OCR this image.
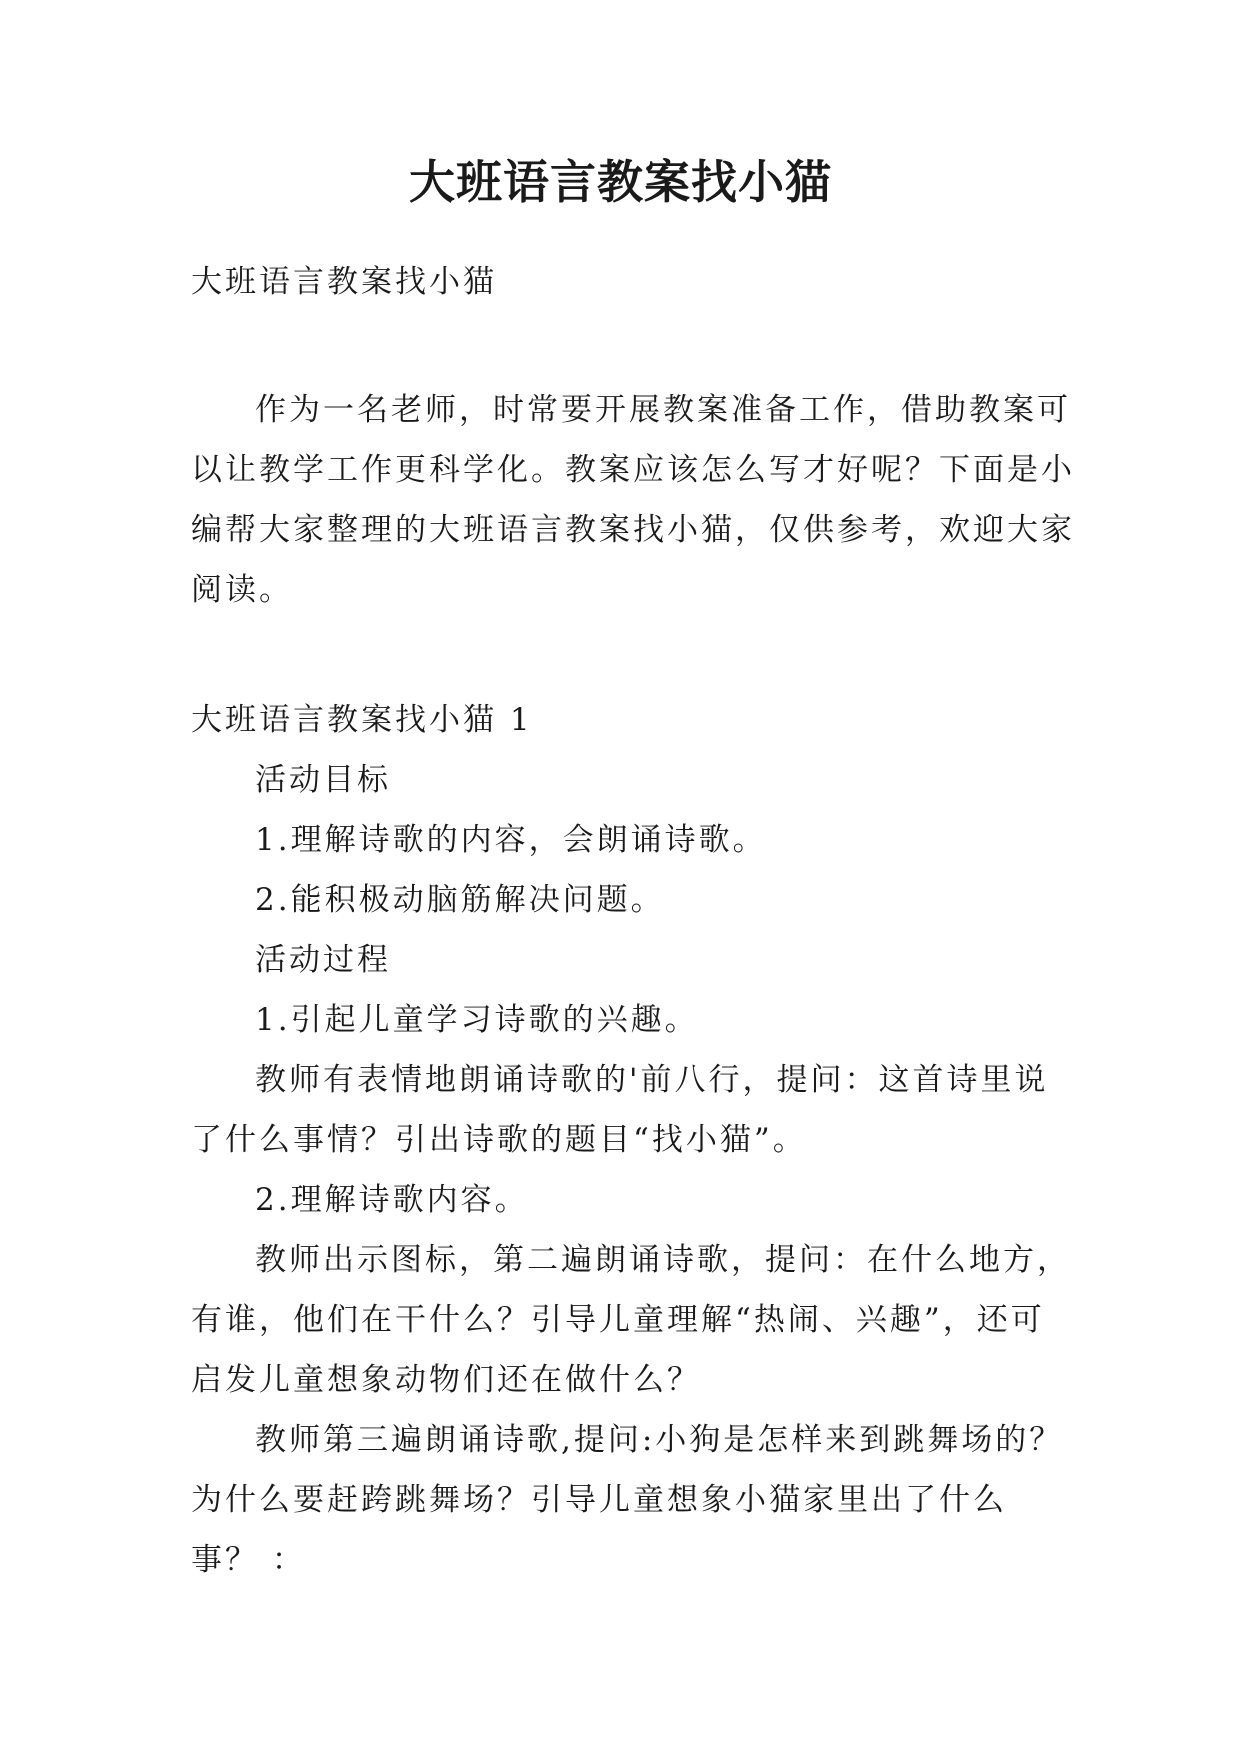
大班语言教案找小猫

大班语言教案找小猫

作为一名老师，时常要开展教案准备工作，借助教案可

以让教学工作更科学化。教案应该怎么写才好呢？下面是小

编帮大家整理的大班语言教案找小猫，仅供参考，欢迎大家

阅读。

大班语言教案找小猫 1

活动目标

1.理解诗歌的内容，会朗诵诗歌。

2.能积极动脑筋解决问题。

活动过程

1.引起儿童学习诗歌的兴趣。

教师有表情地朗诵诗歌的'前八行，提问：这首诗里说

了什么事情？引出诗歌的题目“找小猫”。

2.理解诗歌内容。

教师出示图标，第二遍朗诵诗歌，提问：在什么地方，

有谁，他们在干什么？引导儿童理解“热闹、兴趣”，还可

启发儿童想象动物们还在做什么？

教师第三遍朗诵诗歌,提问:小狗是怎样来到跳舞场的？

为什么要赶跨跳舞场？引导儿童想象小猫家里出了什么

事？ ：
